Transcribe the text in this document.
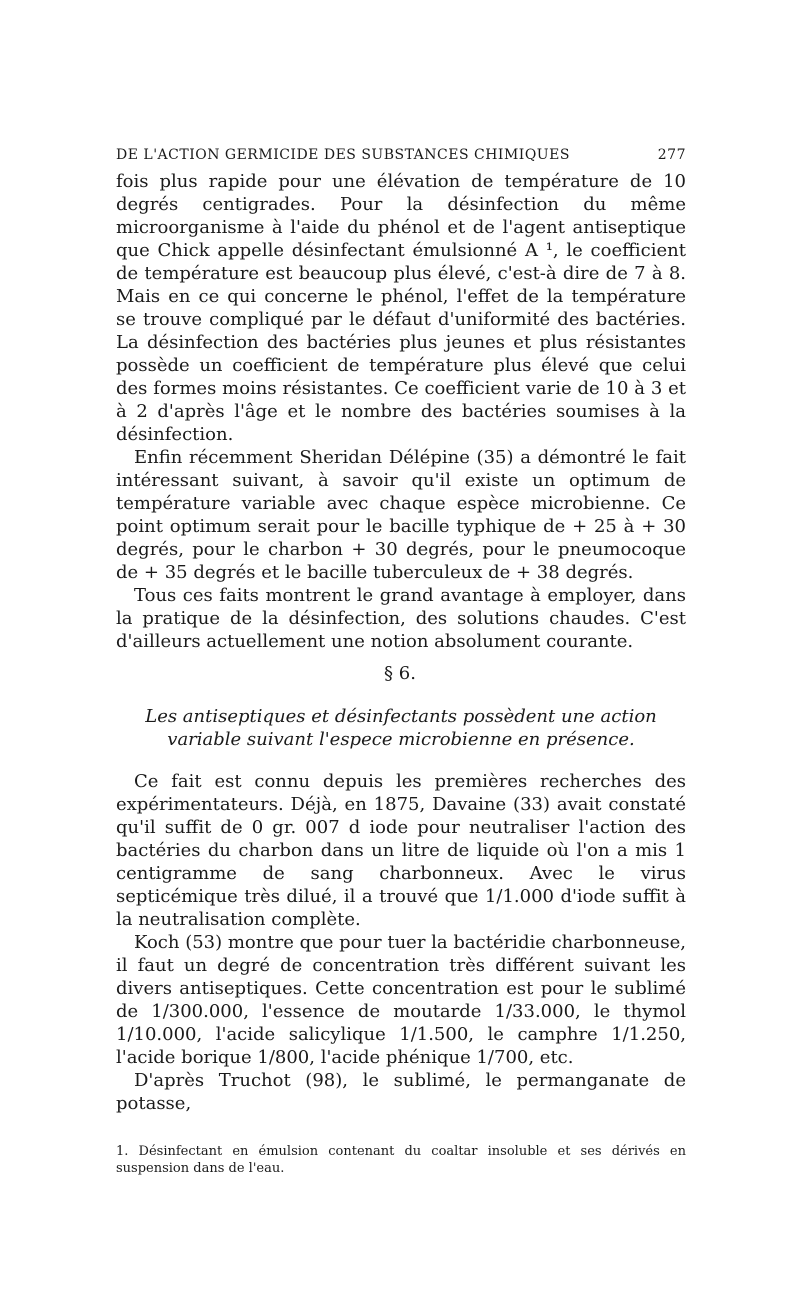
DE L'ACTION GERMICIDE DES SUBSTANCES CHIMIQUES	277

fois plus rapide pour une élévation de température de 10 degrés centigrades. Pour la désinfection du même microorganisme à l'aide du phénol et de l'agent antiseptique que Chick appelle désinfectant émulsionné A ¹, le coefficient de température est beaucoup plus élevé, c'est-à dire de 7 à 8. Mais en ce qui concerne le phénol, l'effet de la température se trouve compliqué par le défaut d'uniformité des bactéries. La désinfection des bactéries plus jeunes et plus résistantes possède un coefficient de température plus élevé que celui des formes moins résistantes. Ce coefficient varie de 10 à 3 et à 2 d'après l'âge et le nombre des bactéries soumises à la désinfection.

Enfin récemment Sheridan Délépine (35) a démontré le fait intéressant suivant, à savoir qu'il existe un optimum de température variable avec chaque espèce microbienne. Ce point optimum serait pour le bacille typhique de + 25 à + 30 degrés, pour le charbon + 30 degrés, pour le pneumocoque de + 35 degrés et le bacille tuberculeux de + 38 degrés.

Tous ces faits montrent le grand avantage à employer, dans la pratique de la désinfection, des solutions chaudes. C'est d'ailleurs actuellement une notion absolument courante.

§ 6.
Les antiseptiques et désinfectants possèdent une action variable suivant l'espece microbienne en présence.

Ce fait est connu depuis les premières recherches des expérimentateurs. Déjà, en 1875, Davaine (33) avait constaté qu'il suffit de 0 gr. 007 d iode pour neutraliser l'action des bactéries du charbon dans un litre de liquide où l'on a mis 1 centigramme de sang charbonneux. Avec le virus septicémique très dilué, il a trouvé que 1/1.000 d'iode suffit à la neutralisation complète.

Koch (53) montre que pour tuer la bactéridie charbonneuse, il faut un degré de concentration très différent suivant les divers antiseptiques. Cette concentration est pour le sublimé de 1/300.000, l'essence de moutarde 1/33.000, le thymol 1/10.000, l'acide salicylique 1/1.500, le camphre 1/1.250, l'acide borique 1/800, l'acide phénique 1/700, etc.

D'après Truchot (98), le sublimé, le permanganate de potasse,

1. Désinfectant en émulsion contenant du coaltar insoluble et ses dérivés en suspension dans de l'eau.
